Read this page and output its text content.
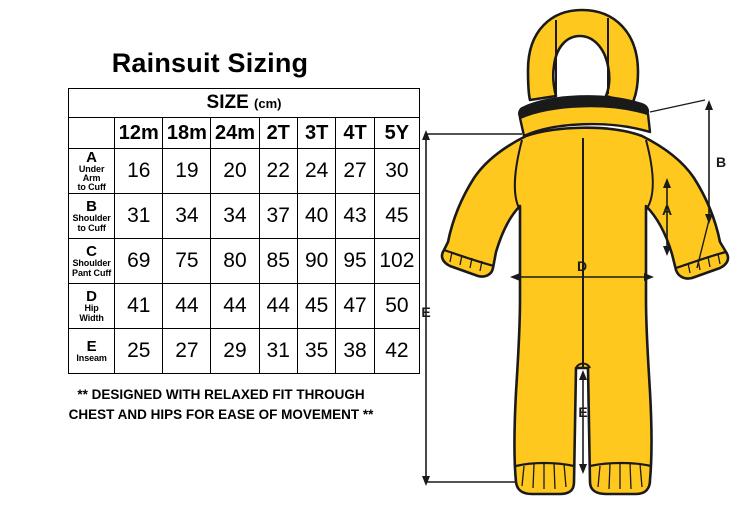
Rainsuit Sizing
SIZE (cm)							
	12m	18m	24m	2T	3T	4T	5Y

A
Under Arm
to Cuff	16	19	20	22	24	27	30

B
Shoulder
to Cuff	31	34	34	37	40	43	45

C
Shoulder
Pant Cuff	69	75	80	85	90	95	102

D
Hip
Width	41	44	44	44	45	47	50

E
Inseam	25	27	29	31	35	38	42
** DESIGNED WITH RELAXED FIT THROUGH
CHEST AND HIPS FOR EASE OF MOVEMENT **
B
A
D
E
E
